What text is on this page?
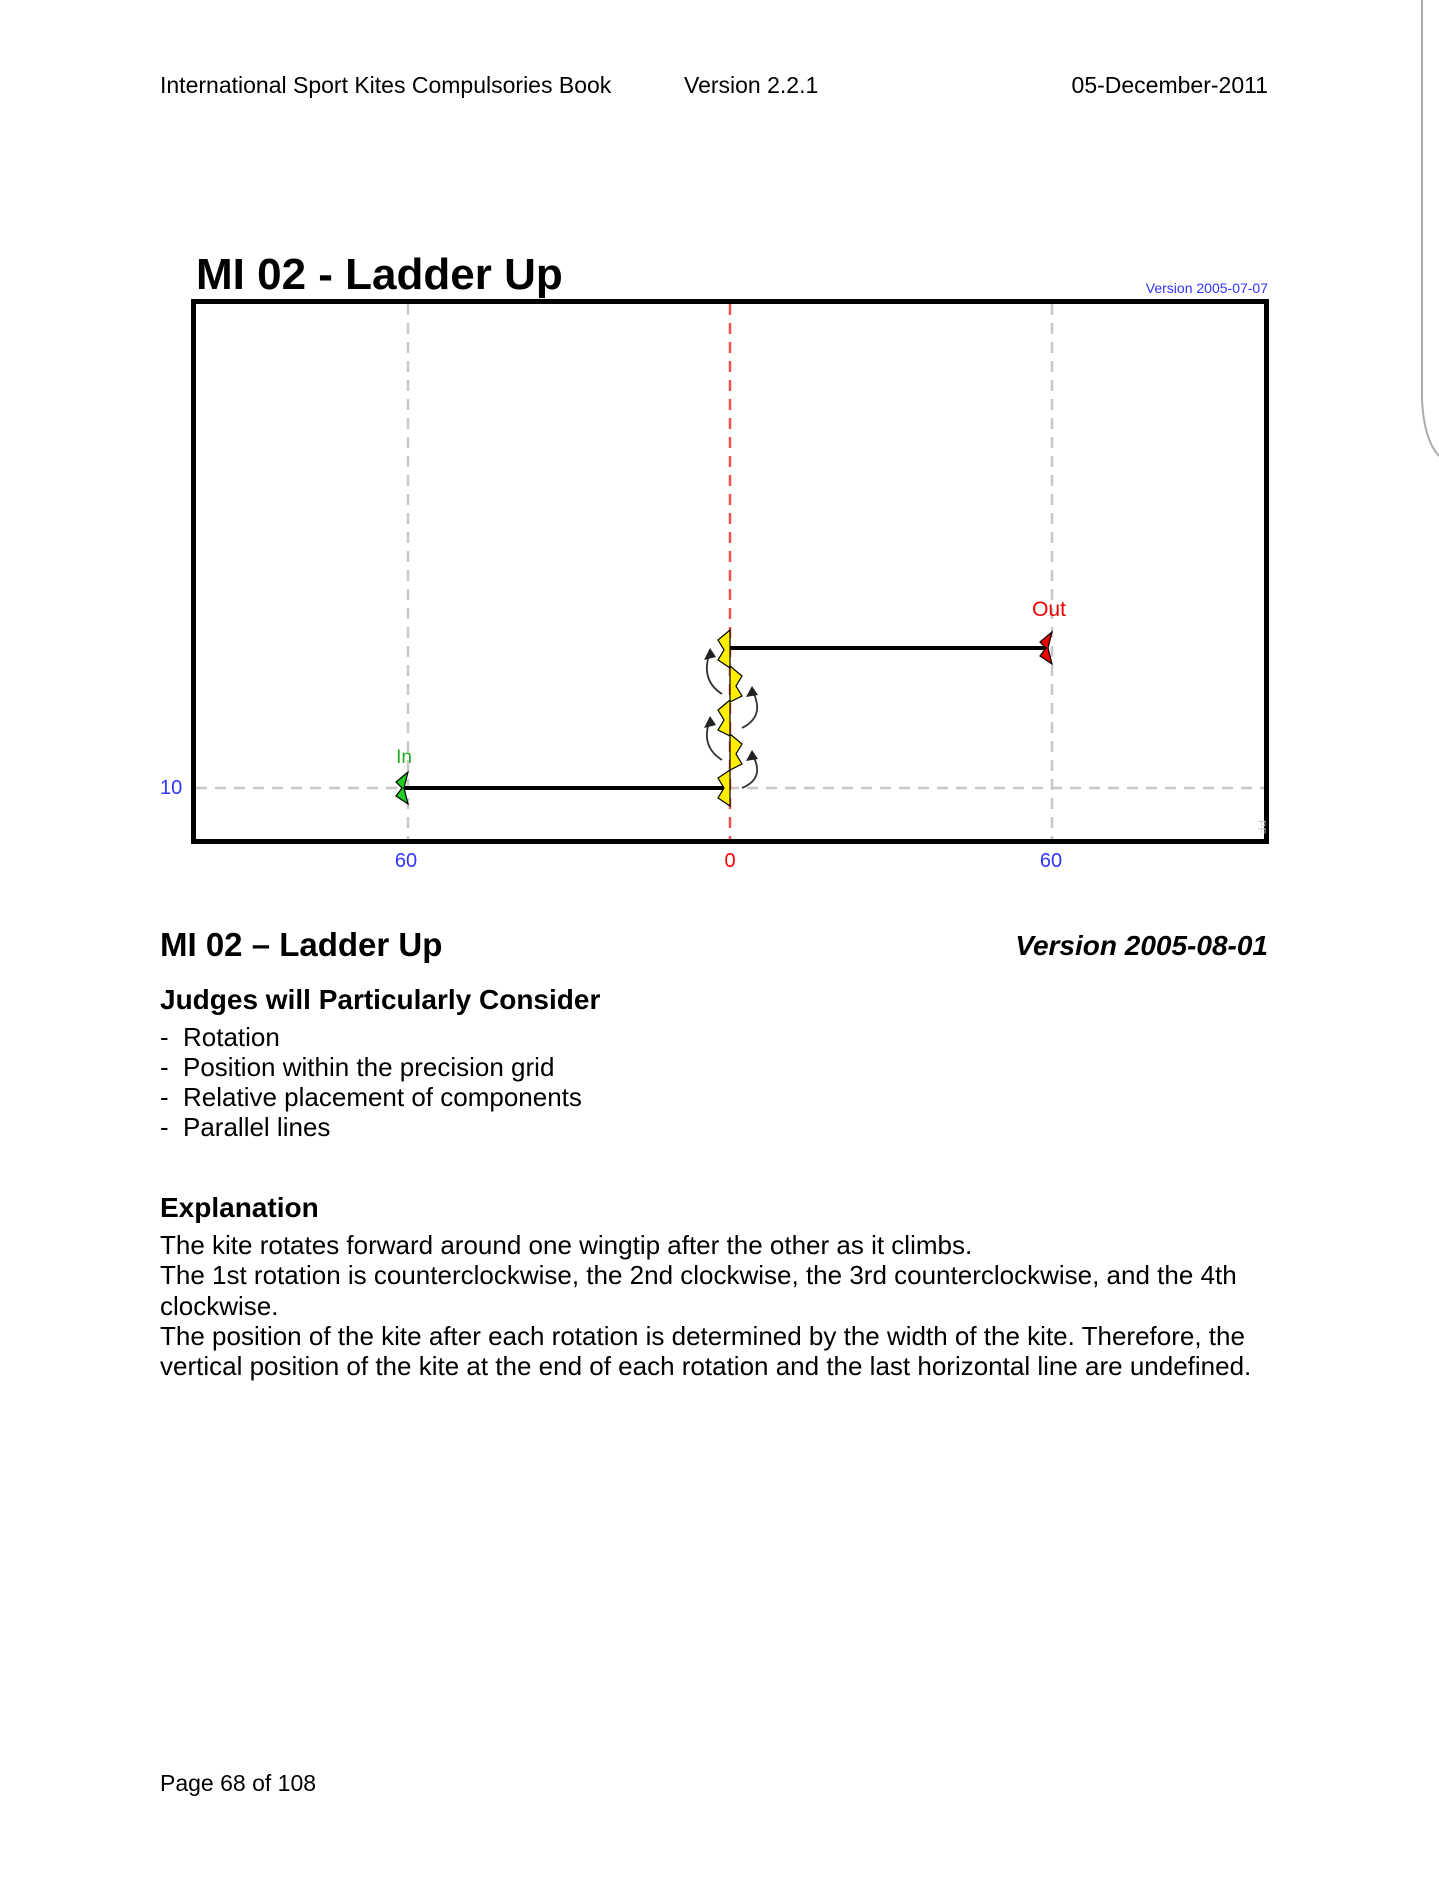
International Sport Kites Compulsories Book	Version 2.2.1	05-December-2011
MI 02 - Ladder Up	Version 2005-07-07
PF
In
Out
10
60	0	60
MI 02 – Ladder Up	Version 2005-08-01
Judges will Particularly Consider
- Rotation
- Position within the precision grid
- Relative placement of components
- Parallel lines
Explanation

The kite rotates forward around one wingtip after the other as it climbs.

The 1st rotation is counterclockwise, the 2nd clockwise, the 3rd counterclockwise, and the 4th clockwise.

The position of the kite after each rotation is determined by the width of the kite. Therefore, the vertical position of the kite at the end of each rotation and the last horizontal line are undefined.

Page 68 of 108
